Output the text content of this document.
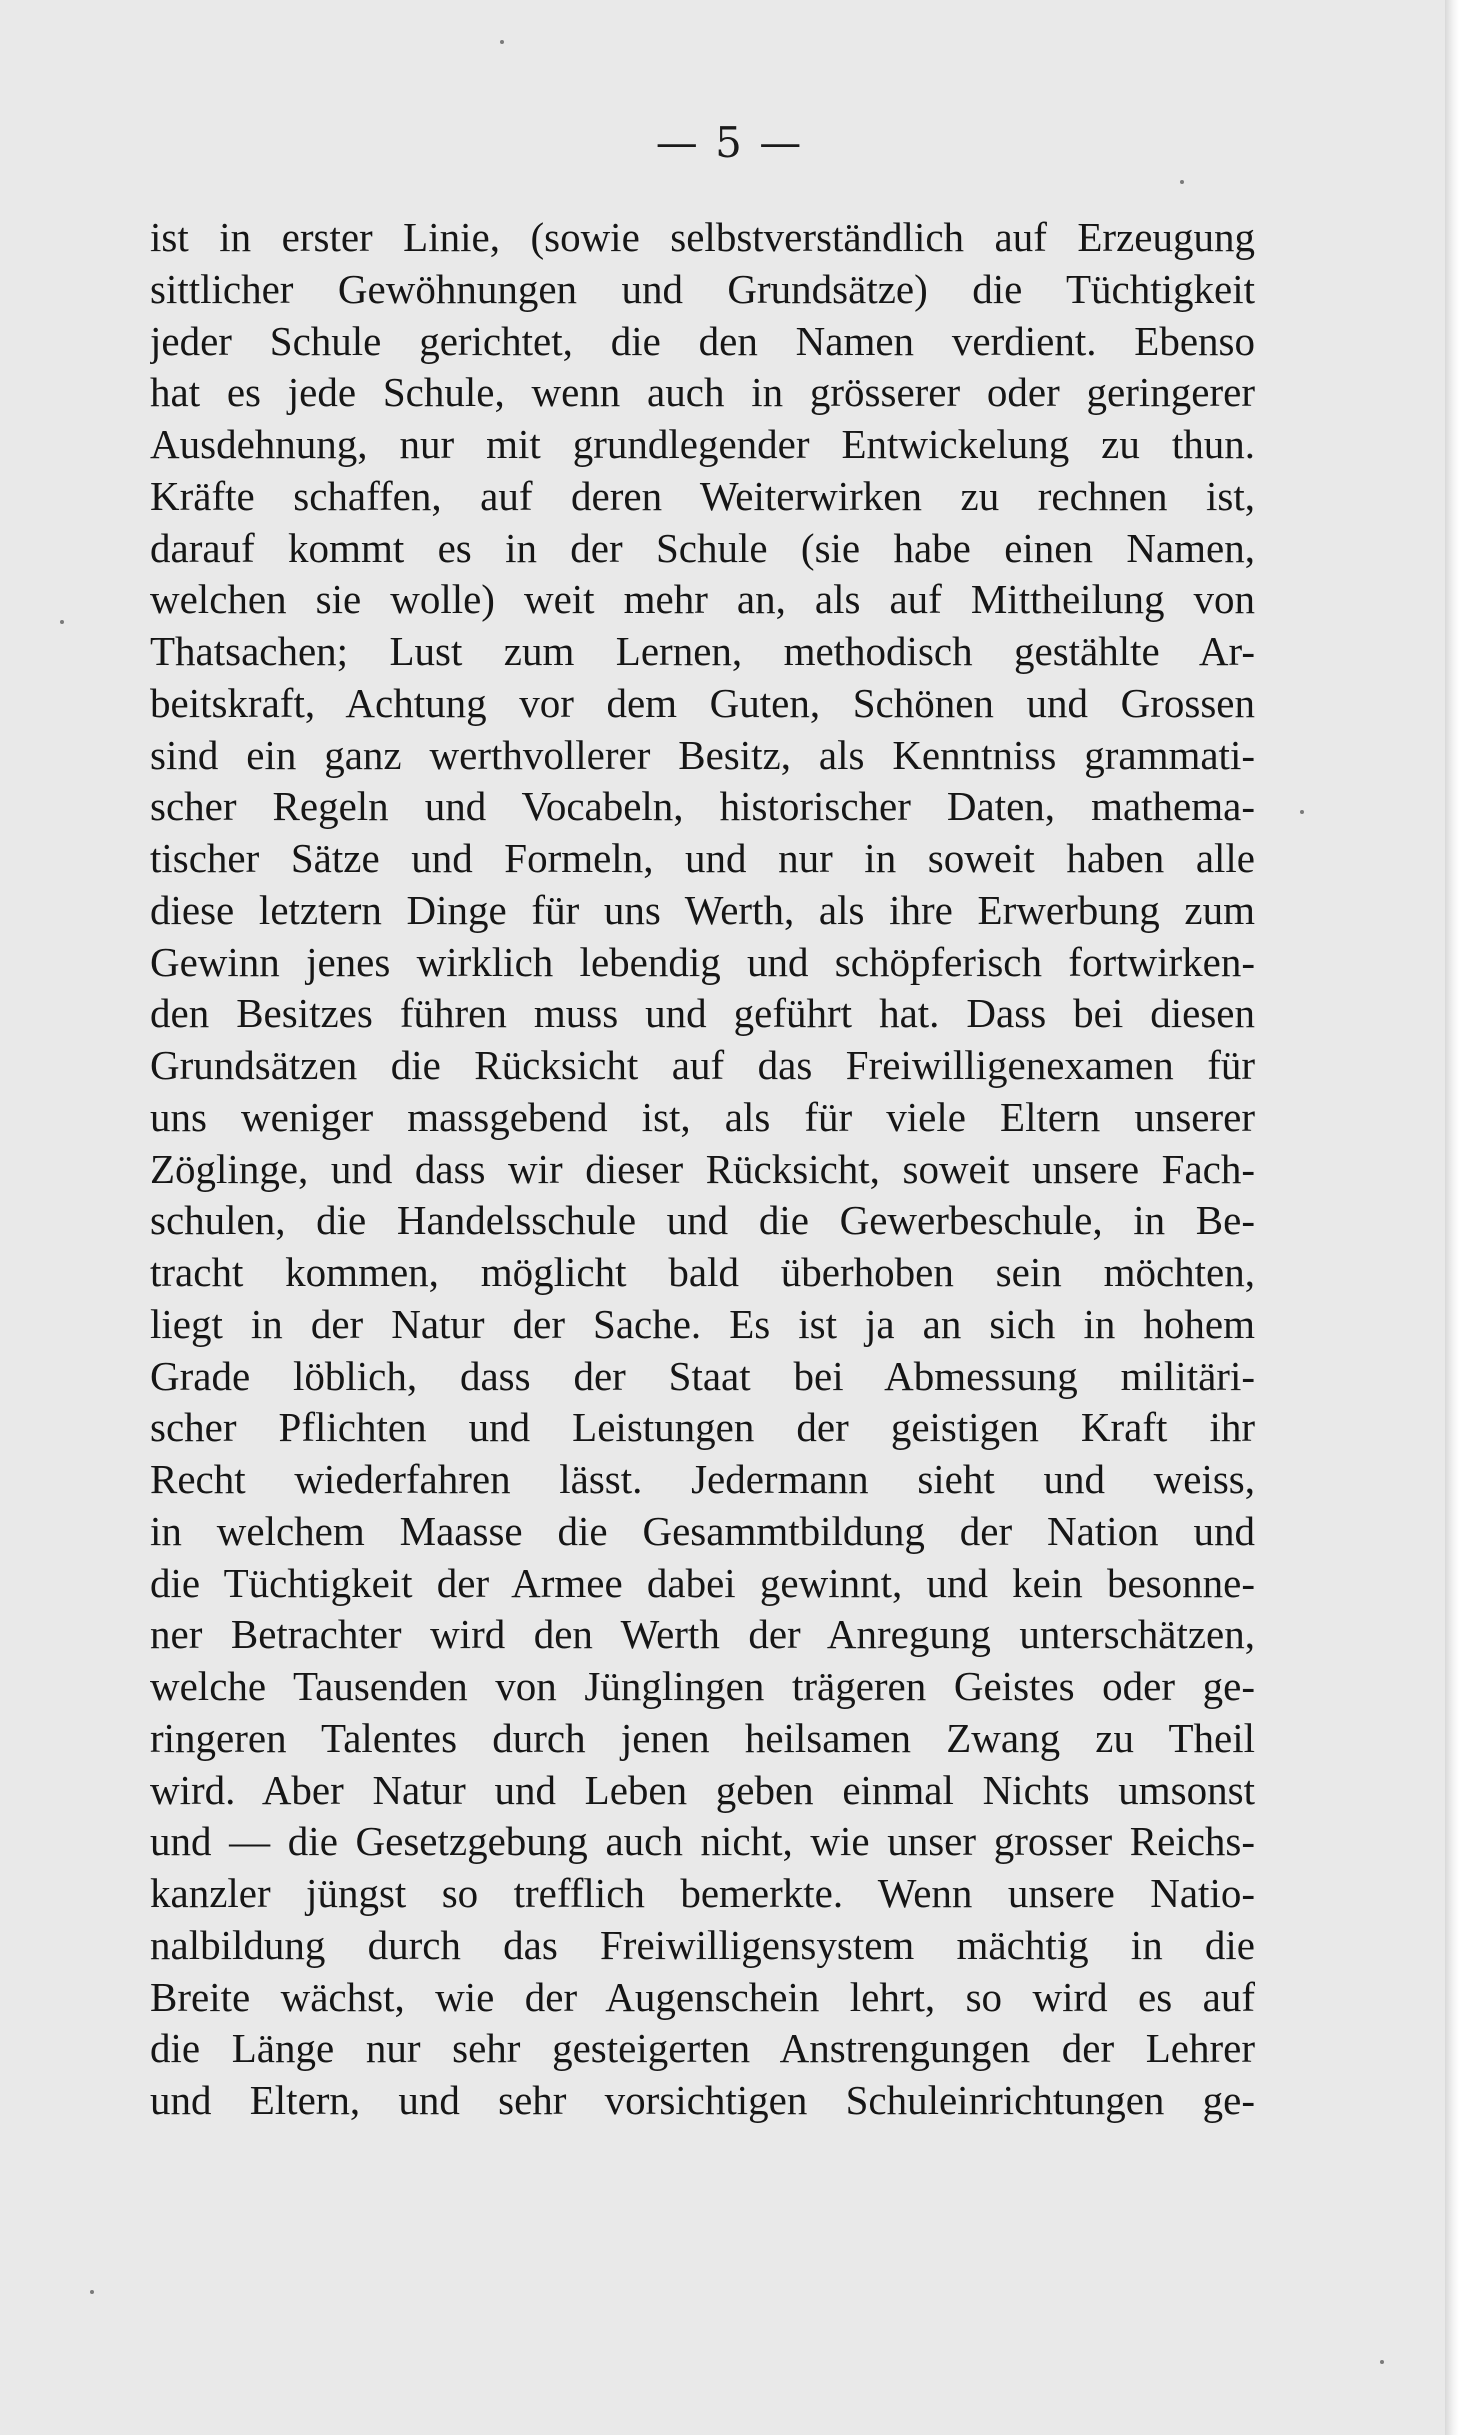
— 5 —
ist in erster Linie, (sowie selbstverständlich auf Erzeugung
sittlicher Gewöhnungen und Grundsätze) die Tüchtigkeit
jeder Schule gerichtet, die den Namen verdient. Ebenso
hat es jede Schule, wenn auch in grösserer oder geringerer
Ausdehnung, nur mit grundlegender Entwickelung zu thun.
Kräfte schaffen, auf deren Weiterwirken zu rechnen ist,
darauf kommt es in der Schule (sie habe einen Namen,
welchen sie wolle) weit mehr an, als auf Mittheilung von
Thatsachen; Lust zum Lernen, methodisch gestählte Ar-
beitskraft, Achtung vor dem Guten, Schönen und Grossen
sind ein ganz werthvollerer Besitz, als Kenntniss grammati-
scher Regeln und Vocabeln, historischer Daten, mathema-
tischer Sätze und Formeln, und nur in soweit haben alle
diese letztern Dinge für uns Werth, als ihre Erwerbung zum
Gewinn jenes wirklich lebendig und schöpferisch fortwirken-
den Besitzes führen muss und geführt hat. Dass bei diesen
Grundsätzen die Rücksicht auf das Freiwilligenexamen für
uns weniger massgebend ist, als für viele Eltern unserer
Zöglinge, und dass wir dieser Rücksicht, soweit unsere Fach-
schulen, die Handelsschule und die Gewerbeschule, in Be-
tracht kommen, möglicht bald überhoben sein möchten,
liegt in der Natur der Sache. Es ist ja an sich in hohem
Grade löblich, dass der Staat bei Abmessung militäri-
scher Pflichten und Leistungen der geistigen Kraft ihr
Recht wiederfahren lässt. Jedermann sieht und weiss,
in welchem Maasse die Gesammtbildung der Nation und
die Tüchtigkeit der Armee dabei gewinnt, und kein besonne-
ner Betrachter wird den Werth der Anregung unterschätzen,
welche Tausenden von Jünglingen trägeren Geistes oder ge-
ringeren Talentes durch jenen heilsamen Zwang zu Theil
wird. Aber Natur und Leben geben einmal Nichts umsonst
und — die Gesetzgebung auch nicht, wie unser grosser Reichs-
kanzler jüngst so trefflich bemerkte. Wenn unsere Natio-
nalbildung durch das Freiwilligensystem mächtig in die
Breite wächst, wie der Augenschein lehrt, so wird es auf
die Länge nur sehr gesteigerten Anstrengungen der Lehrer
und Eltern, und sehr vorsichtigen Schuleinrichtungen ge-
